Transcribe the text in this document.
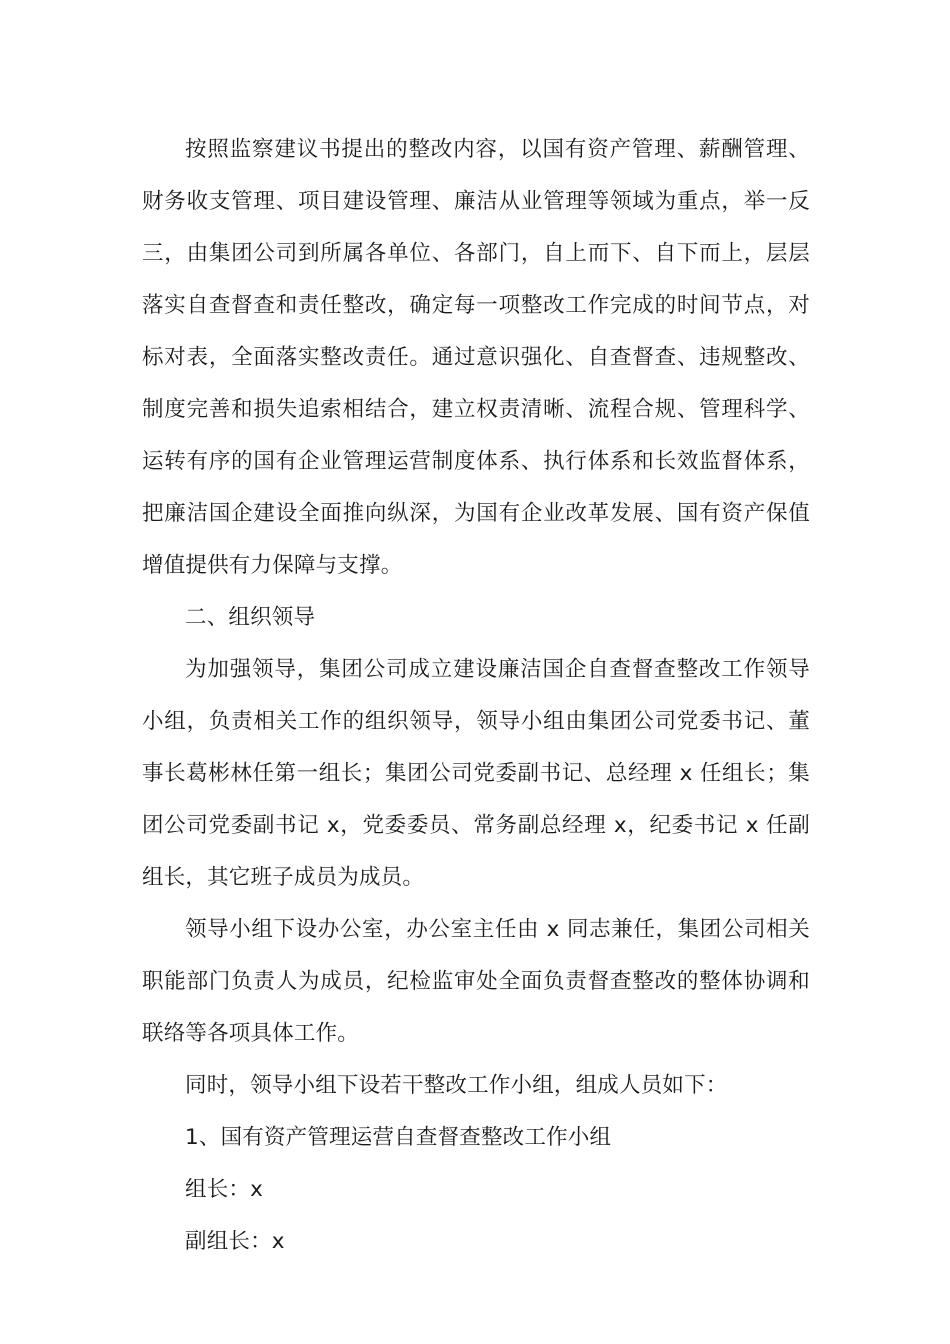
按照监察建议书提出的整改内容，以国有资产管理、薪酬管理、财务收支管理、项目建设管理、廉洁从业管理等领域为重点，举一反三，由集团公司到所属各单位、各部门，自上而下、自下而上，层层落实自查督查和责任整改，确定每一项整改工作完成的时间节点，对标对表，全面落实整改责任。通过意识强化、自查督查、违规整改、制度完善和损失追索相结合，建立权责清晰、流程合规、管理科学、运转有序的国有企业管理运营制度体系、执行体系和长效监督体系，把廉洁国企建设全面推向纵深，为国有企业改革发展、国有资产保值增值提供有力保障与支撑。

二、组织领导

为加强领导，集团公司成立建设廉洁国企自查督查整改工作领导小组，负责相关工作的组织领导，领导小组由集团公司党委书记、董事长葛彬林任第一组长；集团公司党委副书记、总经理 x 任组长；集团公司党委副书记 x，党委委员、常务副总经理 x，纪委书记 x 任副组长，其它班子成员为成员。

领导小组下设办公室，办公室主任由 x 同志兼任，集团公司相关职能部门负责人为成员，纪检监审处全面负责督查整改的整体协调和联络等各项具体工作。

同时，领导小组下设若干整改工作小组，组成人员如下：

1、国有资产管理运营自查督查整改工作小组

组长：x

副组长：x
